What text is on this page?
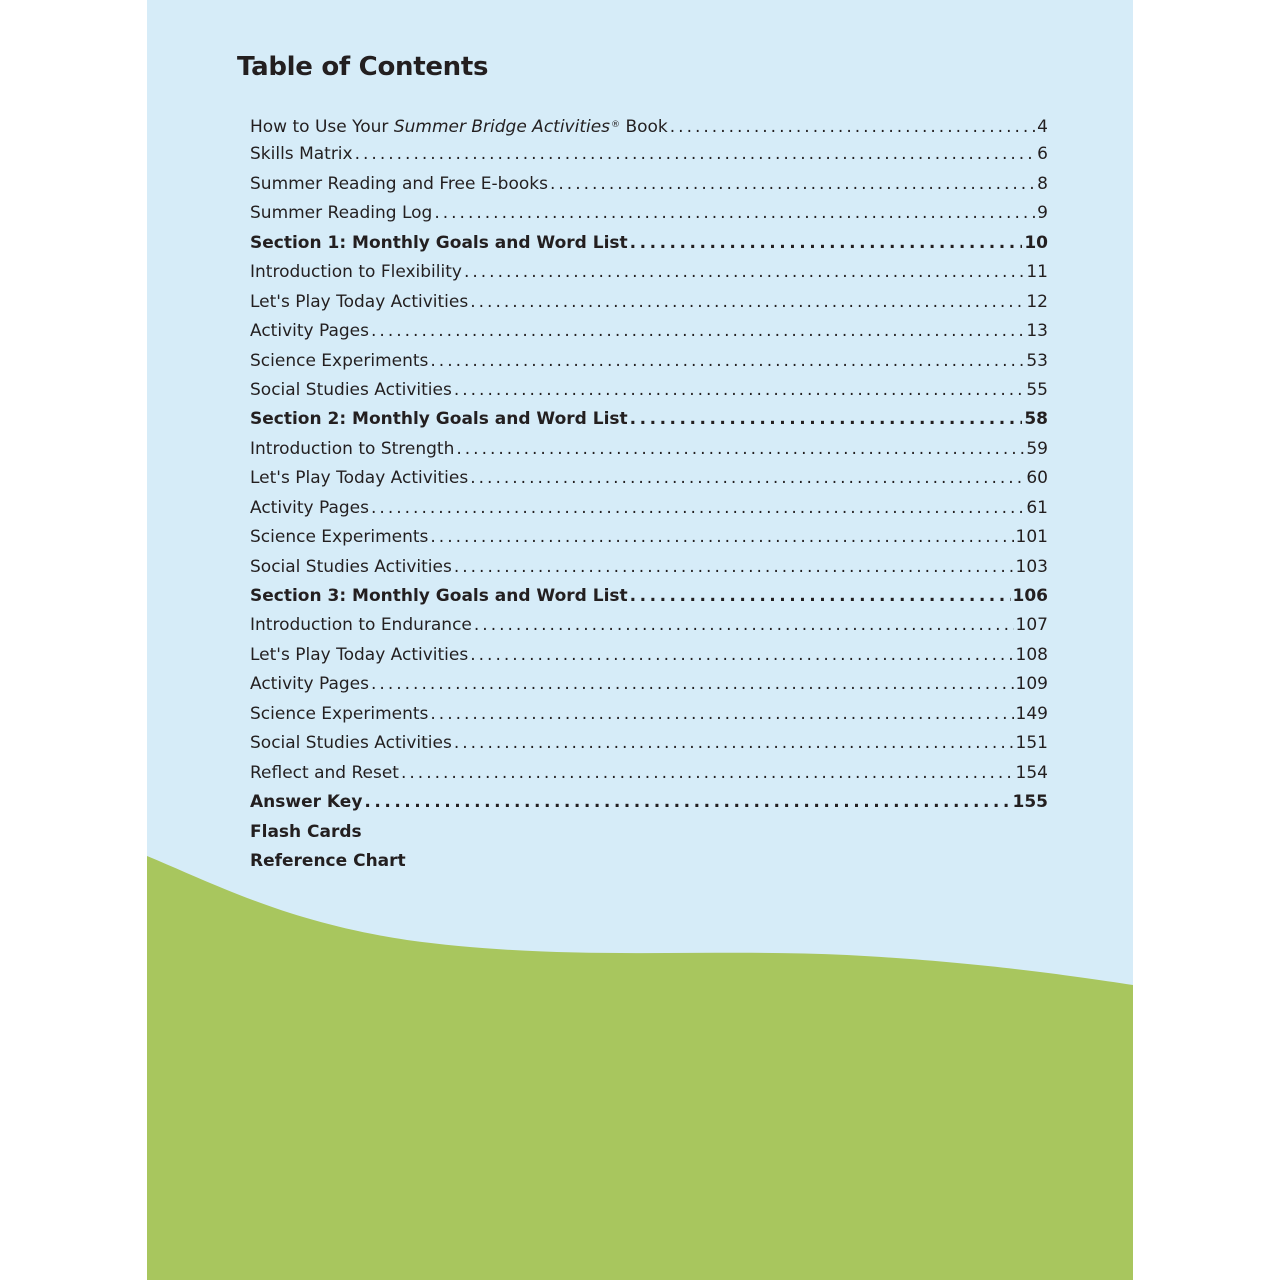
Table of Contents
How to Use Your Summer Bridge Activities® Book . . .	4
Skills Matrix . . .	6
Summer Reading and Free E-books . . .	8
Summer Reading Log . . .	9
Section 1: Monthly Goals and Word List . . .	10
Introduction to Flexibility . . .	11
Let's Play Today Activities . . .	12
Activity Pages . . .	13
Science Experiments . . .	53
Social Studies Activities . . .	55
Section 2: Monthly Goals and Word List . . .	58
Introduction to Strength . . .	59
Let's Play Today Activities . . .	60
Activity Pages . . .	61
Science Experiments . . .	101
Social Studies Activities . . .	103
Section 3: Monthly Goals and Word List . . .	106
Introduction to Endurance . . .	107
Let's Play Today Activities . . .	108
Activity Pages . . .	109
Science Experiments . . .	149
Social Studies Activities . . .	151
Reflect and Reset . . .	154
Answer Key . . .	155
Flash Cards
Reference Chart
